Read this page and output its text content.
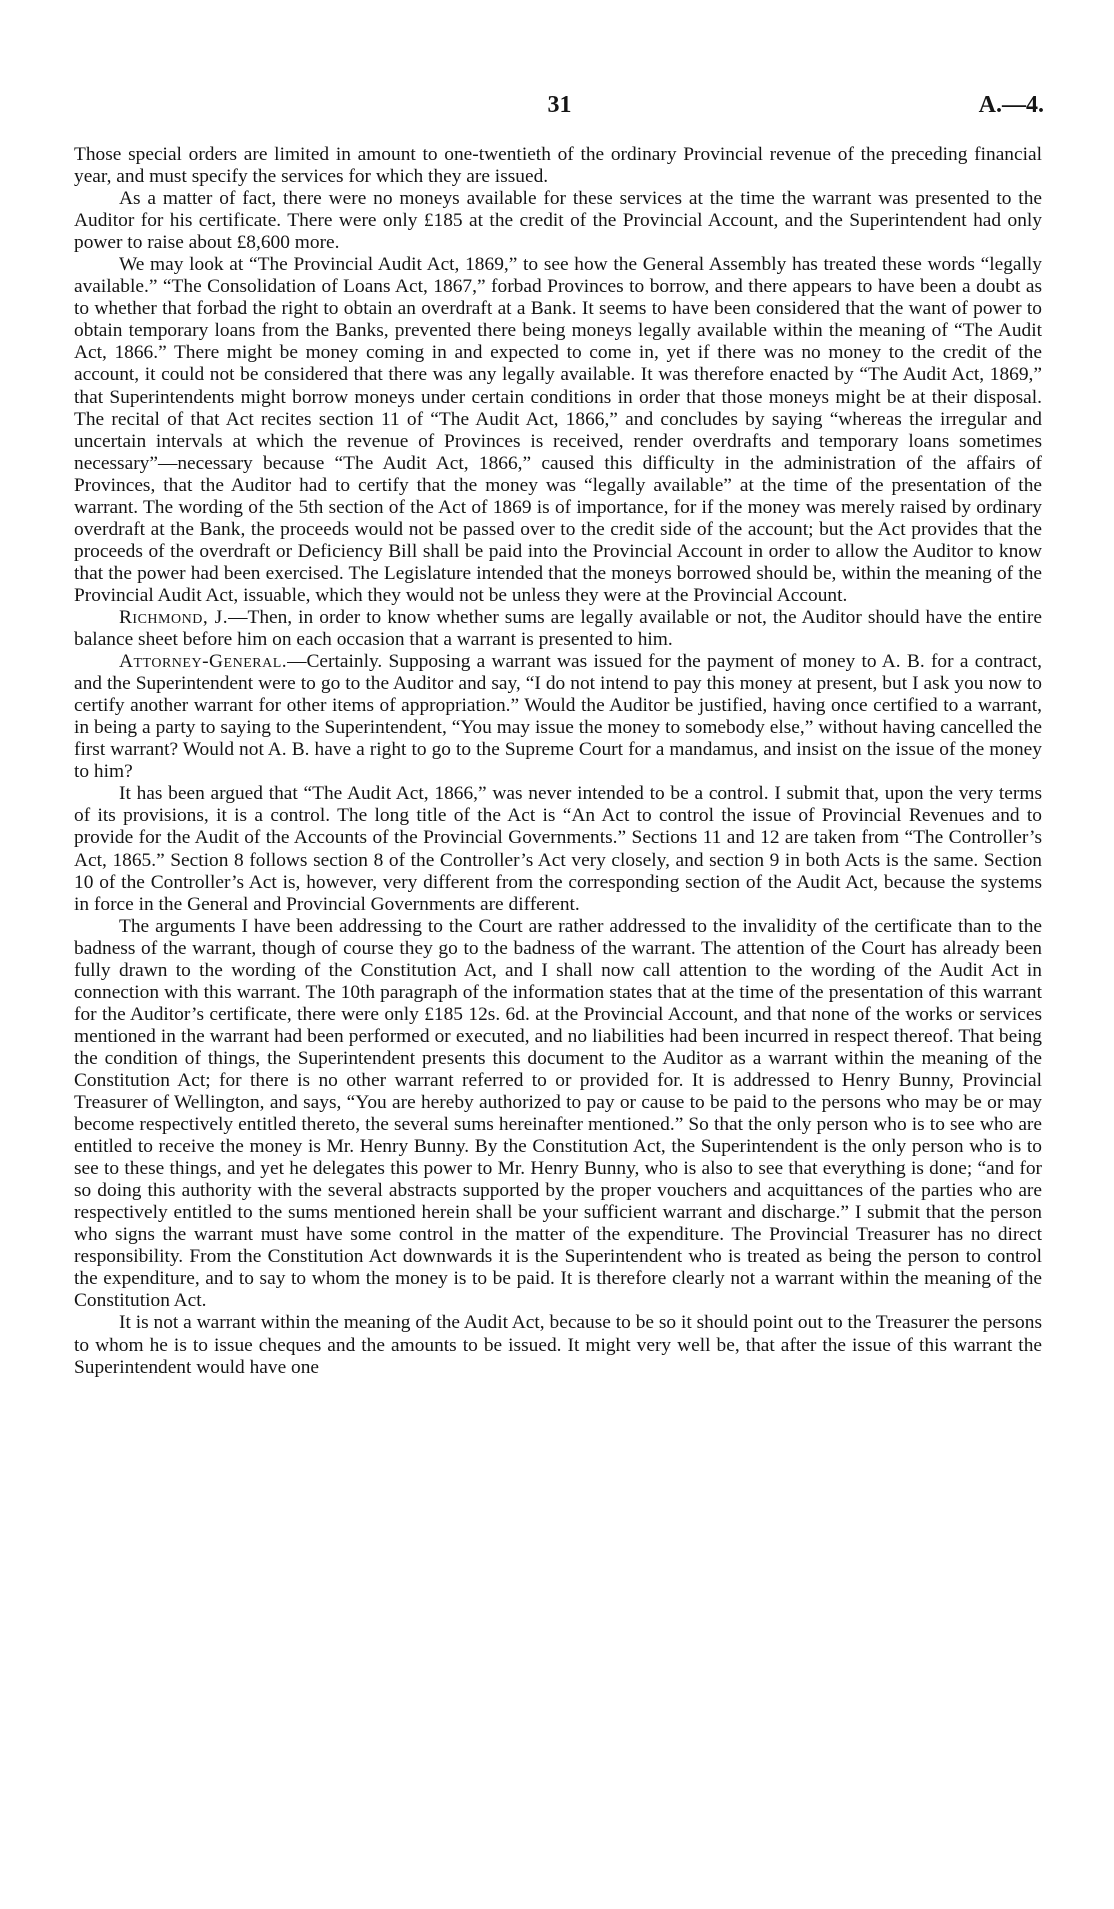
31	A.—4.

Those special orders are limited in amount to one-twentieth of the ordinary Provincial revenue of the preceding financial year, and must specify the services for which they are issued.

As a matter of fact, there were no moneys available for these services at the time the warrant was presented to the Auditor for his certificate. There were only £185 at the credit of the Provincial Account, and the Superintendent had only power to raise about £8,600 more.

We may look at “The Provincial Audit Act, 1869,” to see how the General Assembly has treated these words “legally available.” “The Consolidation of Loans Act, 1867,” forbad Provinces to borrow, and there appears to have been a doubt as to whether that forbad the right to obtain an overdraft at a Bank. It seems to have been considered that the want of power to obtain temporary loans from the Banks, prevented there being moneys legally available within the meaning of “The Audit Act, 1866.” There might be money coming in and expected to come in, yet if there was no money to the credit of the account, it could not be considered that there was any legally available. It was therefore enacted by “The Audit Act, 1869,” that Superintendents might borrow moneys under certain conditions in order that those moneys might be at their disposal. The recital of that Act recites section 11 of “The Audit Act, 1866,” and concludes by saying “whereas the irregular and uncertain intervals at which the revenue of Provinces is received, render overdrafts and temporary loans sometimes necessary”—necessary because “The Audit Act, 1866,” caused this difficulty in the administration of the affairs of Provinces, that the Auditor had to certify that the money was “legally available” at the time of the presentation of the warrant. The wording of the 5th section of the Act of 1869 is of importance, for if the money was merely raised by ordinary overdraft at the Bank, the proceeds would not be passed over to the credit side of the account; but the Act provides that the proceeds of the overdraft or Deficiency Bill shall be paid into the Provincial Account in order to allow the Auditor to know that the power had been exercised. The Legislature intended that the moneys borrowed should be, within the meaning of the Provincial Audit Act, issuable, which they would not be unless they were at the Provincial Account.

Richmond, J.—Then, in order to know whether sums are legally available or not, the Auditor should have the entire balance sheet before him on each occasion that a warrant is presented to him.

Attorney-General.—Certainly. Supposing a warrant was issued for the payment of money to A. B. for a contract, and the Superintendent were to go to the Auditor and say, “I do not intend to pay this money at present, but I ask you now to certify another warrant for other items of appropriation.” Would the Auditor be justified, having once certified to a warrant, in being a party to saying to the Superintendent, “You may issue the money to somebody else,” without having cancelled the first warrant? Would not A. B. have a right to go to the Supreme Court for a mandamus, and insist on the issue of the money to him?

It has been argued that “The Audit Act, 1866,” was never intended to be a control. I submit that, upon the very terms of its provisions, it is a control. The long title of the Act is “An Act to control the issue of Provincial Revenues and to provide for the Audit of the Accounts of the Provincial Governments.” Sections 11 and 12 are taken from “The Controller’s Act, 1865.” Section 8 follows section 8 of the Controller’s Act very closely, and section 9 in both Acts is the same. Section 10 of the Controller’s Act is, however, very different from the corresponding section of the Audit Act, because the systems in force in the General and Provincial Governments are different.

The arguments I have been addressing to the Court are rather addressed to the invalidity of the certificate than to the badness of the warrant, though of course they go to the badness of the warrant. The attention of the Court has already been fully drawn to the wording of the Constitution Act, and I shall now call attention to the wording of the Audit Act in connection with this warrant. The 10th paragraph of the information states that at the time of the presentation of this warrant for the Auditor’s certificate, there were only £185 12s. 6d. at the Provincial Account, and that none of the works or services mentioned in the warrant had been performed or executed, and no liabilities had been incurred in respect thereof. That being the condition of things, the Superintendent presents this document to the Auditor as a warrant within the meaning of the Constitution Act; for there is no other warrant referred to or provided for. It is addressed to Henry Bunny, Provincial Treasurer of Wellington, and says, “You are hereby authorized to pay or cause to be paid to the persons who may be or may become respectively entitled thereto, the several sums hereinafter mentioned.” So that the only person who is to see who are entitled to receive the money is Mr. Henry Bunny. By the Constitution Act, the Superintendent is the only person who is to see to these things, and yet he delegates this power to Mr. Henry Bunny, who is also to see that everything is done; “and for so doing this authority with the several abstracts supported by the proper vouchers and acquittances of the parties who are respectively entitled to the sums mentioned herein shall be your sufficient warrant and discharge.” I submit that the person who signs the warrant must have some control in the matter of the expenditure. The Provincial Treasurer has no direct responsibility. From the Constitution Act downwards it is the Superintendent who is treated as being the person to control the expenditure, and to say to whom the money is to be paid. It is therefore clearly not a warrant within the meaning of the Constitution Act.

It is not a warrant within the meaning of the Audit Act, because to be so it should point out to the Treasurer the persons to whom he is to issue cheques and the amounts to be issued. It might very well be, that after the issue of this warrant the Superintendent would have one
